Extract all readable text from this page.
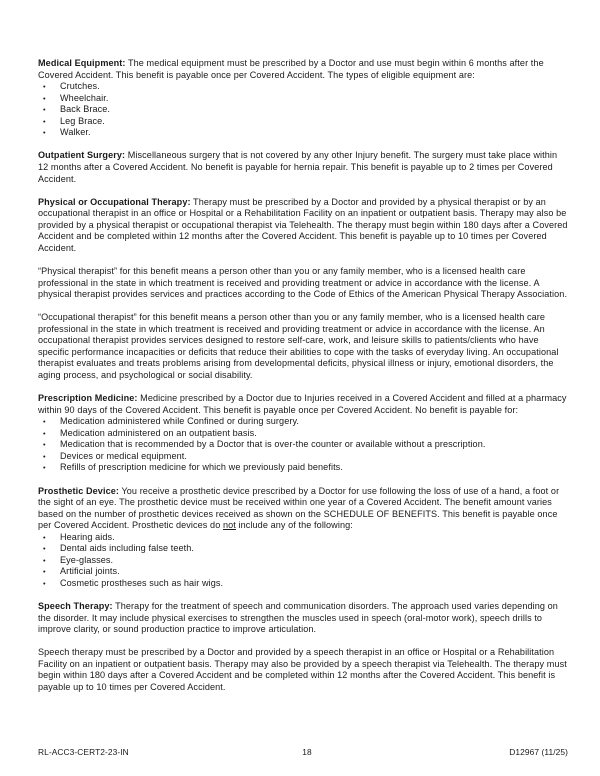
Medical Equipment: The medical equipment must be prescribed by a Doctor and use must begin within 6 months after the Covered Accident. This benefit is payable once per Covered Accident. The types of eligible equipment are:

• Crutches.
• Wheelchair.
• Back Brace.
• Leg Brace.
• Walker.

Outpatient Surgery: Miscellaneous surgery that is not covered by any other Injury benefit. The surgery must take place within 12 months after a Covered Accident. No benefit is payable for hernia repair. This benefit is payable up to 2 times per Covered Accident.

Physical or Occupational Therapy: Therapy must be prescribed by a Doctor and provided by a physical therapist or by an occupational therapist in an office or Hospital or a Rehabilitation Facility on an inpatient or outpatient basis. Therapy may also be provided by a physical therapist or occupational therapist via Telehealth. The therapy must begin within 180 days after a Covered Accident and be completed within 12 months after the Covered Accident. This benefit is payable up to 10 times per Covered Accident.

“Physical therapist” for this benefit means a person other than you or any family member, who is a licensed health care professional in the state in which treatment is received and providing treatment or advice in accordance with the license. A physical therapist provides services and practices according to the Code of Ethics of the American Physical Therapy Association.

“Occupational therapist” for this benefit means a person other than you or any family member, who is a licensed health care professional in the state in which treatment is received and providing treatment or advice in accordance with the license. An occupational therapist provides services designed to restore self-care, work, and leisure skills to patients/clients who have specific performance incapacities or deficits that reduce their abilities to cope with the tasks of everyday living. An occupational therapist evaluates and treats problems arising from developmental deficits, physical illness or injury, emotional disorders, the aging process, and psychological or social disability.

Prescription Medicine: Medicine prescribed by a Doctor due to Injuries received in a Covered Accident and filled at a pharmacy within 90 days of the Covered Accident. This benefit is payable once per Covered Accident. No benefit is payable for:

• Medication administered while Confined or during surgery.
• Medication administered on an outpatient basis.
• Medication that is recommended by a Doctor that is over-the counter or available without a prescription.
• Devices or medical equipment.
• Refills of prescription medicine for which we previously paid benefits.

Prosthetic Device: You receive a prosthetic device prescribed by a Doctor for use following the loss of use of a hand, a foot or the sight of an eye. The prosthetic device must be received within one year of a Covered Accident. The benefit amount varies based on the number of prosthetic devices received as shown on the SCHEDULE OF BENEFITS. This benefit is payable once per Covered Accident. Prosthetic devices do not include any of the following:

• Hearing aids.
• Dental aids including false teeth.
• Eye-glasses.
• Artificial joints.
• Cosmetic prostheses such as hair wigs.

Speech Therapy: Therapy for the treatment of speech and communication disorders. The approach used varies depending on the disorder. It may include physical exercises to strengthen the muscles used in speech (oral-motor work), speech drills to improve clarity, or sound production practice to improve articulation.

Speech therapy must be prescribed by a Doctor and provided by a speech therapist in an office or Hospital or a Rehabilitation Facility on an inpatient or outpatient basis. Therapy may also be provided by a speech therapist via Telehealth. The therapy must begin within 180 days after a Covered Accident and be completed within 12 months after the Covered Accident. This benefit is payable up to 10 times per Covered Accident.

RL-ACC3-CERT2-23-IN	18	D12967 (11/25)
